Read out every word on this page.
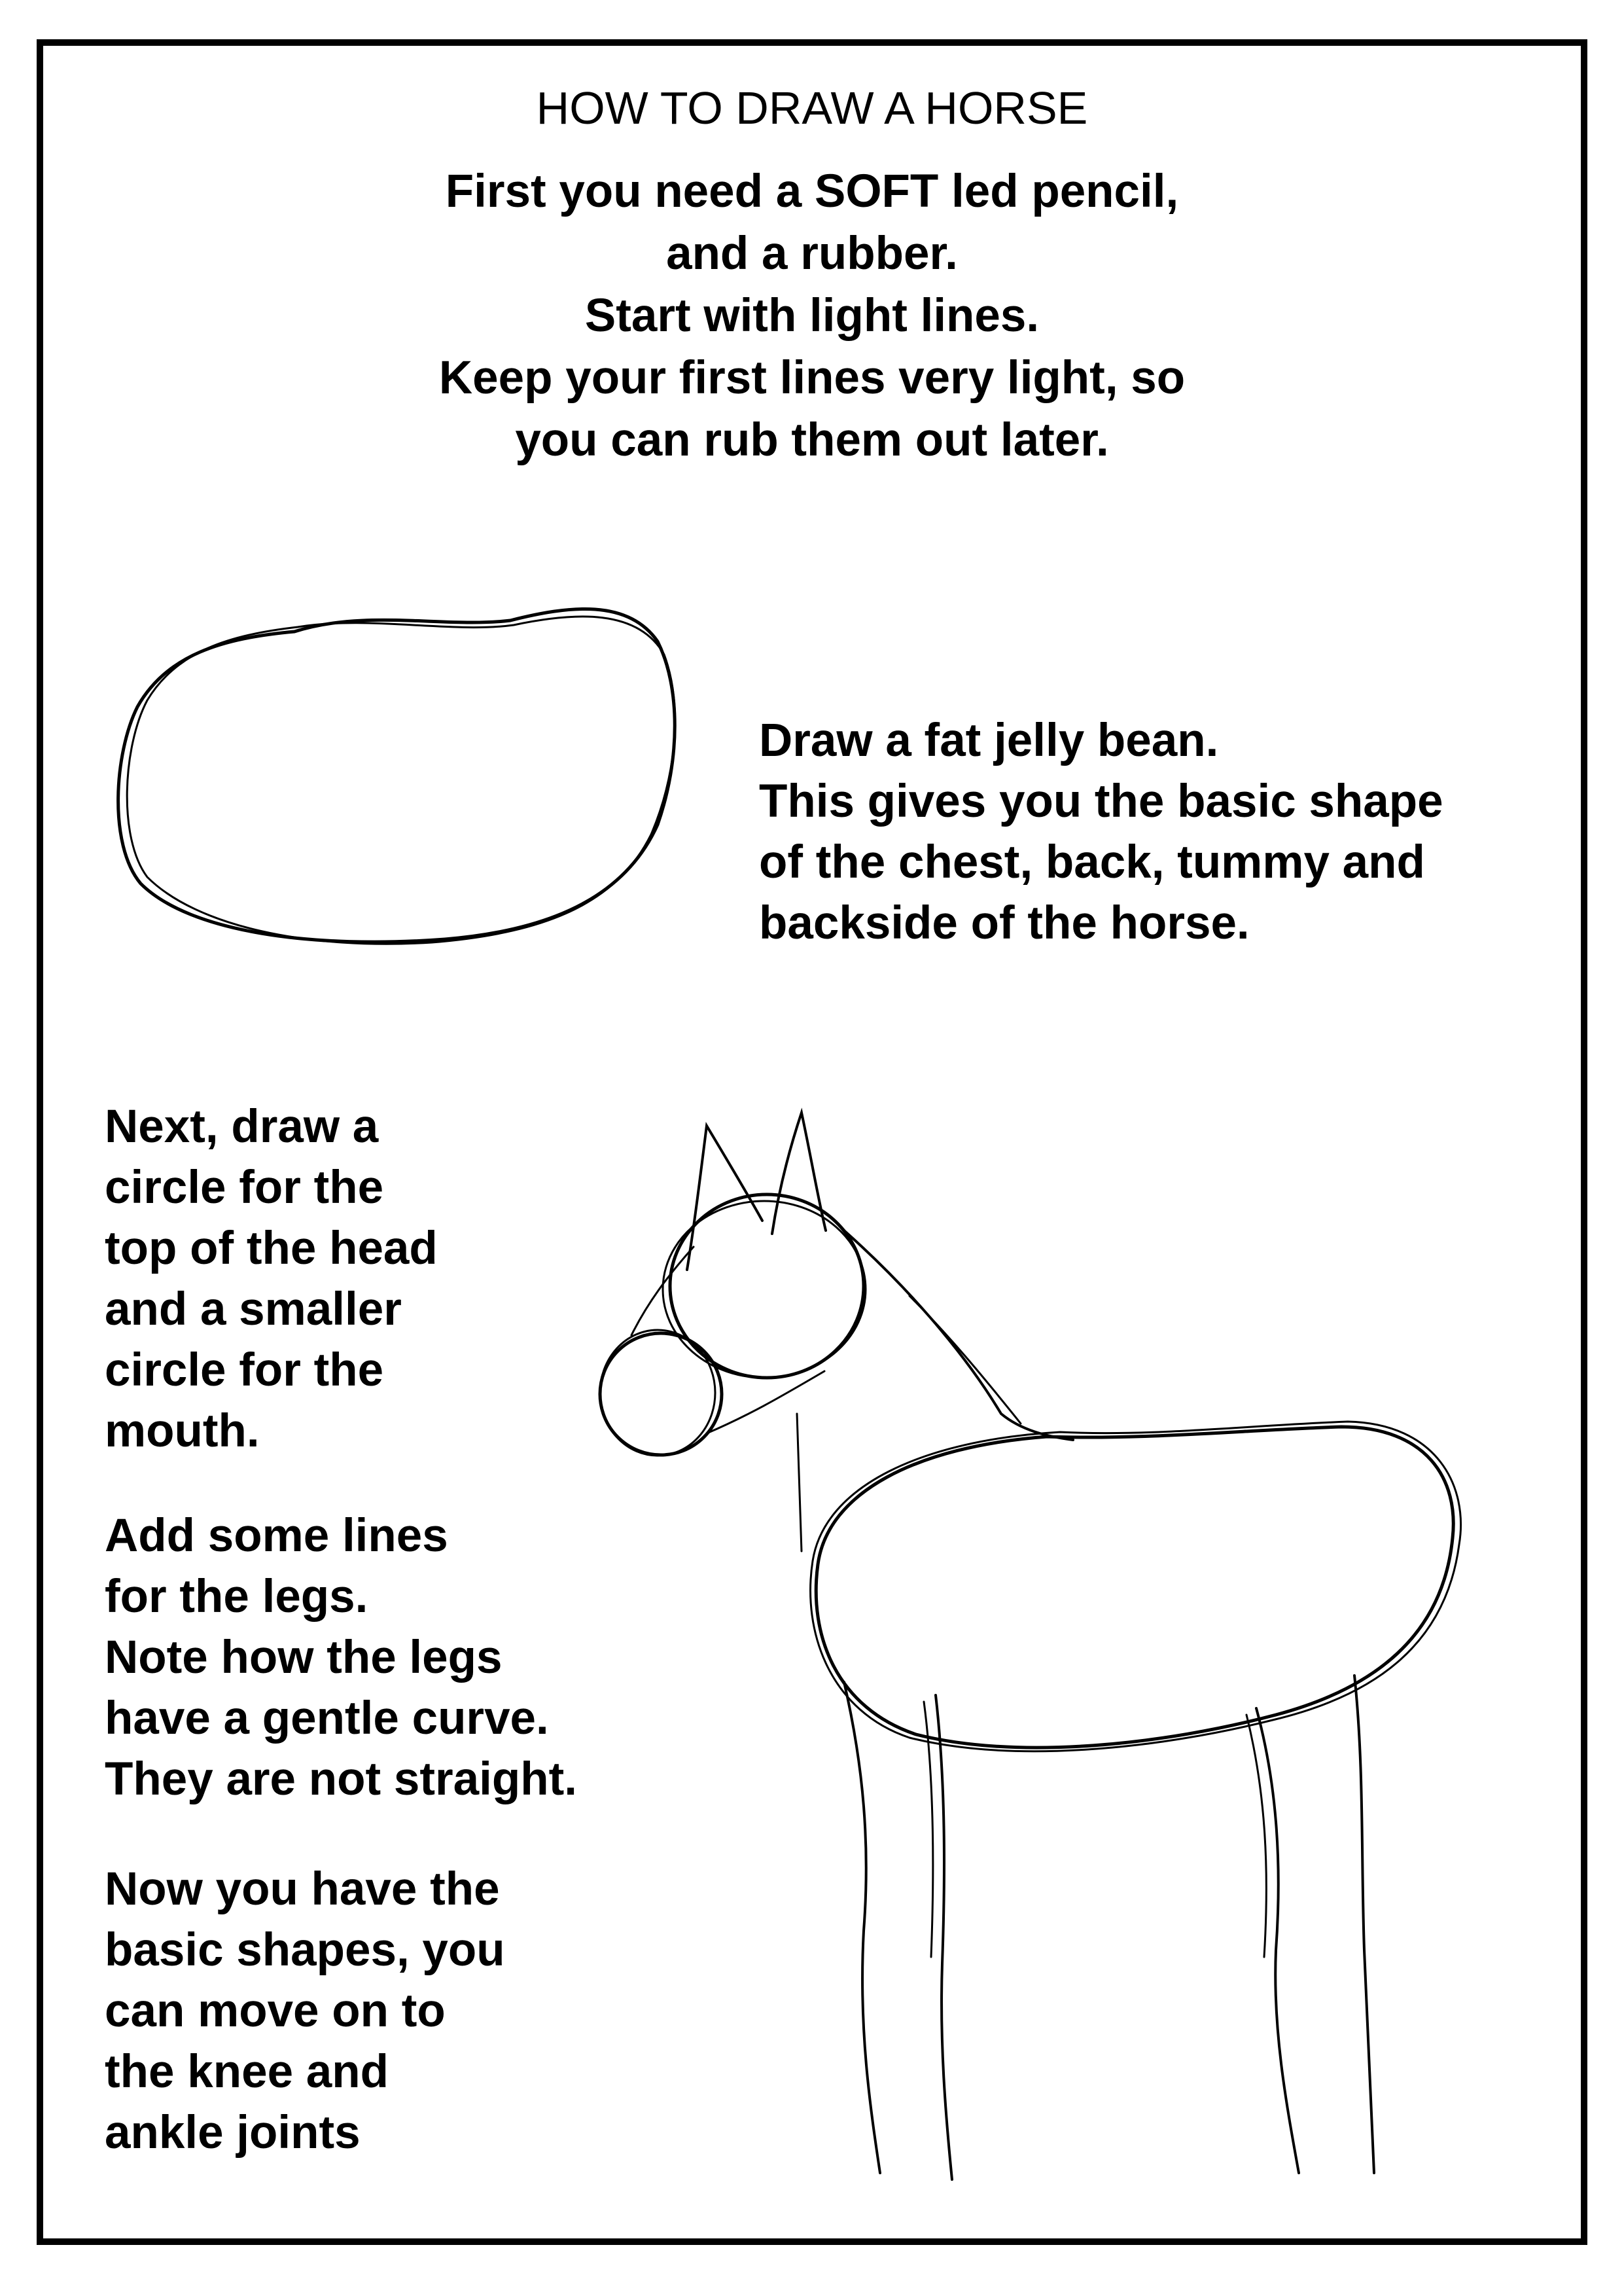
HOW TO DRAW A HORSE
First you need a SOFT led pencil,
and a rubber.
Start with light lines.
Keep your first lines very light, so
you can rub them out later.
Draw a fat jelly bean.
This gives you the basic shape
of the chest, back, tummy and
backside of the horse.
Next, draw a
circle for the
top of the head
and a smaller
circle for the
mouth.
Add some lines
for the legs.
Note how the legs
have a gentle curve.
They are not straight.
Now you have the
basic shapes, you
can move on to
the knee and
ankle joints
